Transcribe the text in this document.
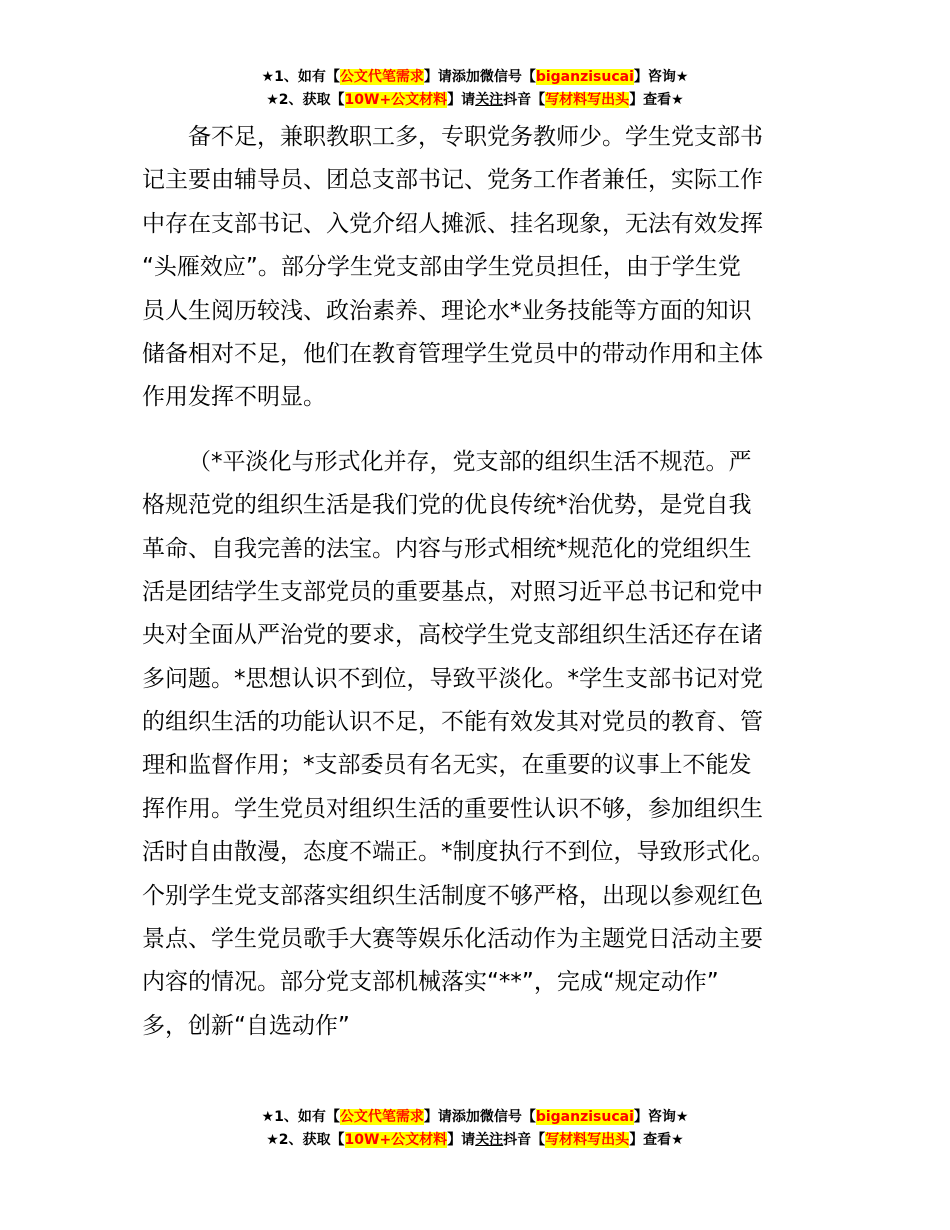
★1、如有【公文代笔需求】请添加微信号【biganzisucai】咨询★
★2、获取【10W+公文材料】请关注抖音【写材料写出头】查看★
备不足，兼职教职工多，专职党务教师少。学生党支部书
记主要由辅导员、团总支部书记、党务工作者兼任，实际工作
中存在支部书记、入党介绍人摊派、挂名现象，无法有效发挥
“头雁效应”。部分学生党支部由学生党员担任，由于学生党
员人生阅历较浅、政治素养、理论水*业务技能等方面的知识
储备相对不足，他们在教育管理学生党员中的带动作用和主体
作用发挥不明显。
（*平淡化与形式化并存，党支部的组织生活不规范。严
格规范党的组织生活是我们党的优良传统*治优势，是党自我
革命、自我完善的法宝。内容与形式相统*规范化的党组织生
活是团结学生支部党员的重要基点，对照习近平总书记和党中
央对全面从严治党的要求，高校学生党支部组织生活还存在诸
多问题。*思想认识不到位，导致平淡化。*学生支部书记对党
的组织生活的功能认识不足，不能有效发其对党员的教育、管
理和监督作用；*支部委员有名无实，在重要的议事上不能发
挥作用。学生党员对组织生活的重要性认识不够，参加组织生
活时自由散漫，态度不端正。*制度执行不到位，导致形式化。
个别学生党支部落实组织生活制度不够严格，出现以参观红色
景点、学生党员歌手大赛等娱乐化活动作为主题党日活动主要
内容的情况。部分党支部机械落实“**”，完成“规定动作”
多，创新“自选动作”
★1、如有【公文代笔需求】请添加微信号【biganzisucai】咨询★
★2、获取【10W+公文材料】请关注抖音【写材料写出头】查看★
